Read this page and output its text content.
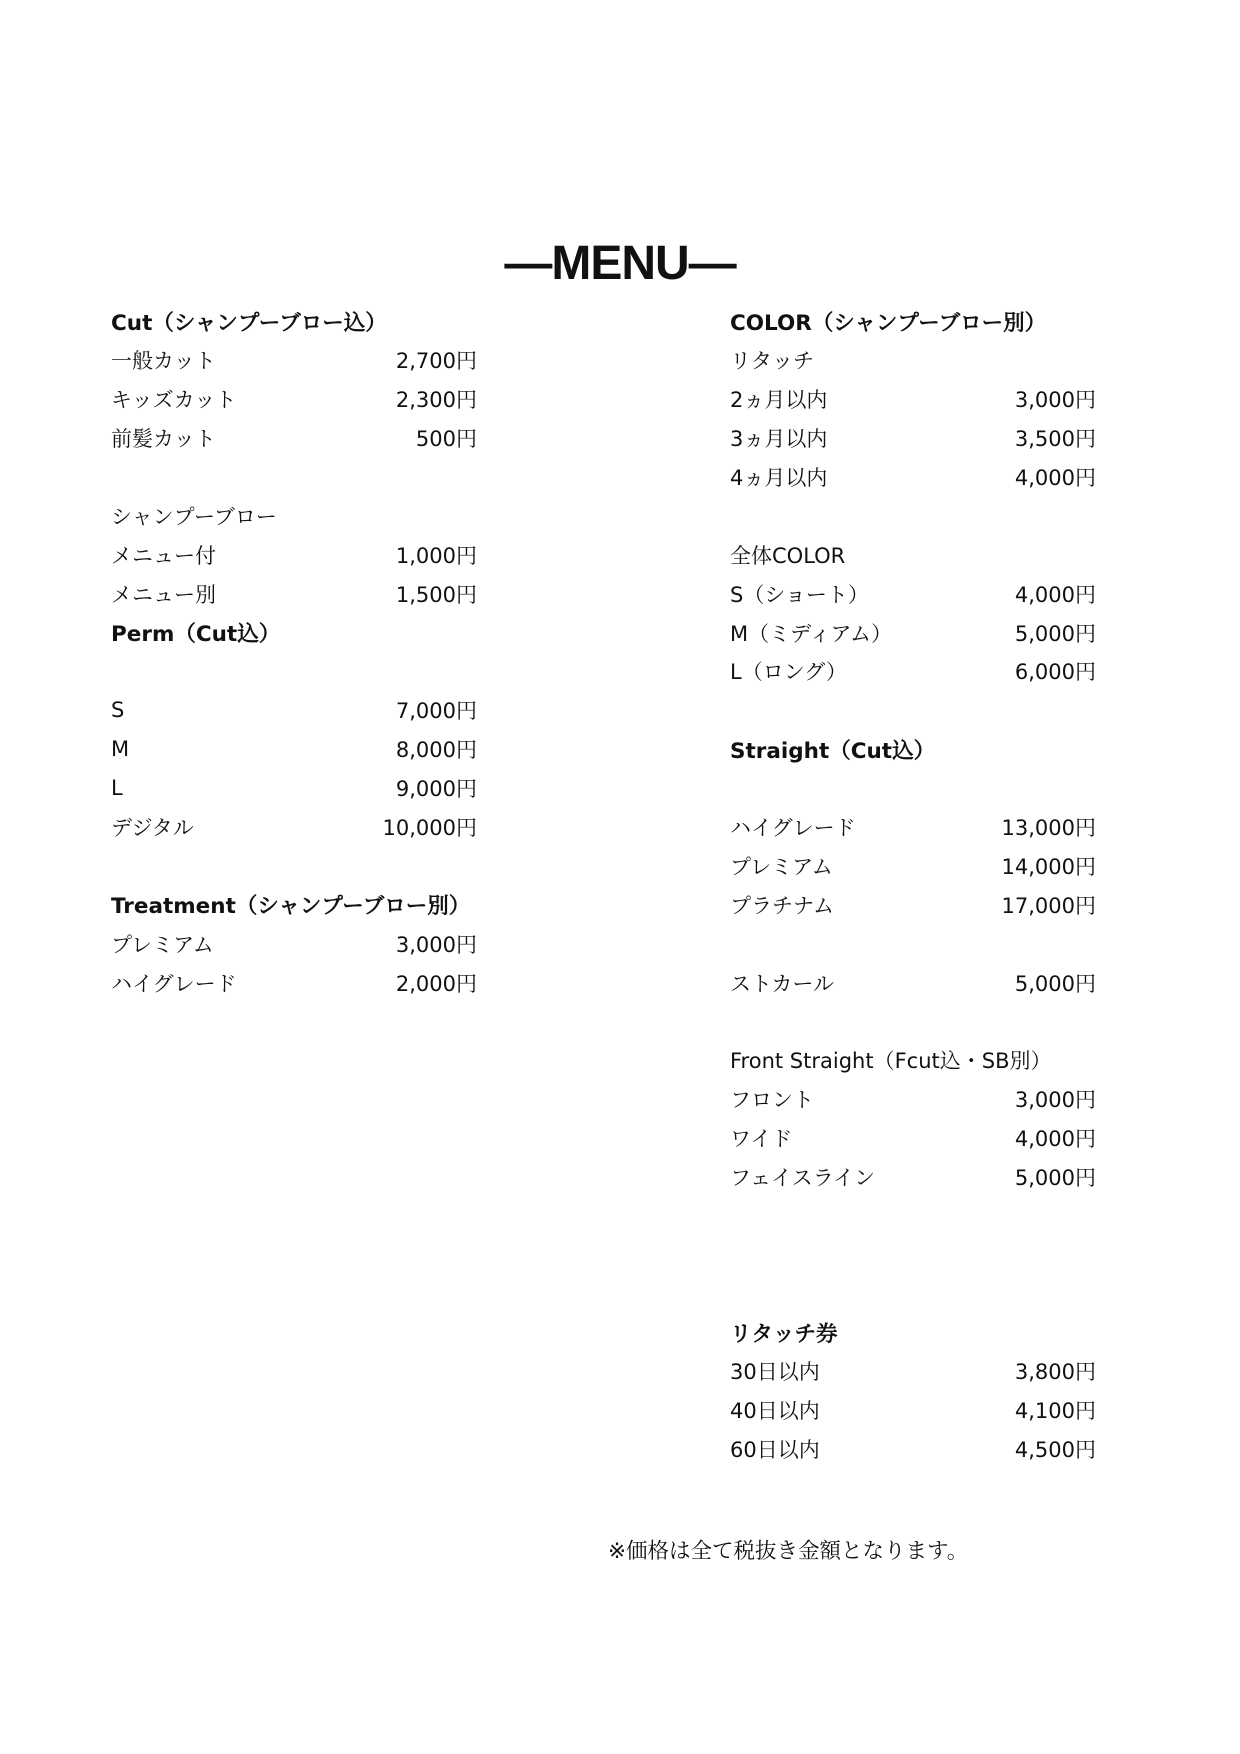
―MENU―
Cut（シャンプーブロー込）
一般カット	2,700円
キッズカット	2,300円
前髪カット	500円
シャンプーブロー
メニュー付	1,000円
メニュー別	1,500円
Perm（Cut込）
S	7,000円
M	8,000円
L	9,000円
デジタル	10,000円
Treatment（シャンプーブロー別）
プレミアム	3,000円
ハイグレード	2,000円
COLOR（シャンプーブロー別）
リタッチ
2ヵ月以内	3,000円
3ヵ月以内	3,500円
4ヵ月以内	4,000円
全体COLOR
S（ショート）	4,000円
M（ミディアム）	5,000円
L（ロング）	6,000円
Straight（Cut込）
ハイグレード	13,000円
プレミアム	14,000円
プラチナム	17,000円
ストカール	5,000円
Front Straight（Fcut込・SB別）
フロント	3,000円
ワイド	4,000円
フェイスライン	5,000円
リタッチ券
30日以内	3,800円
40日以内	4,100円
60日以内	4,500円
※価格は全て税抜き金額となります。
